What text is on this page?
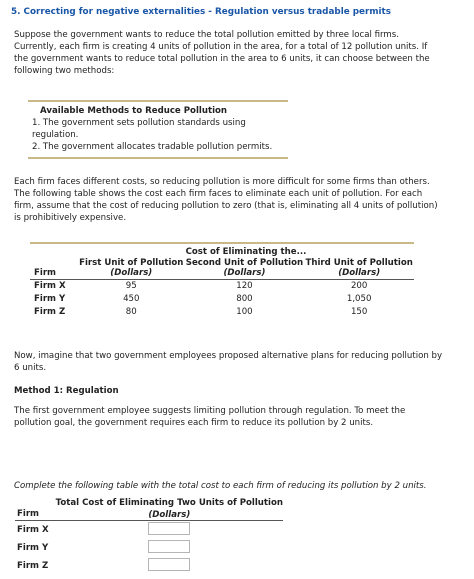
5. Correcting for negative externalities - Regulation versus tradable permits
Suppose the government wants to reduce the total pollution emitted by three local firms.
Currently, each firm is creating 4 units of pollution in the area, for a total of 12 pollution units. If
the government wants to reduce total pollution in the area to 6 units, it can choose between the
following two methods:
Available Methods to Reduce Pollution
1. The government sets pollution standards using regulation.
2. The government allocates tradable pollution permits.
Each firm faces different costs, so reducing pollution is more difficult for some firms than others.
The following table shows the cost each firm faces to eliminate each unit of pollution. For each
firm, assume that the cost of reducing pollution to zero (that is, eliminating all 4 units of pollution)
is prohibitively expensive.

	Cost of Eliminating the...		
	First Unit of Pollution	Second Unit of Pollution	Third Unit of Pollution
Firm	(Dollars)	(Dollars)	(Dollars)
Firm X	95	120	200
Firm Y	450	800	1,050
Firm Z	80	100	150
Now, imagine that two government employees proposed alternative plans for reducing pollution by
6 units.
Method 1: Regulation
The first government employee suggests limiting pollution through regulation. To meet the
pollution goal, the government requires each firm to reduce its pollution by 2 units.
Complete the following table with the total cost to each firm of reducing its pollution by 2 units.
	Total Cost of Eliminating Two Units of Pollution
Firm	(Dollars)
Firm X	
Firm Y	
Firm Z	
